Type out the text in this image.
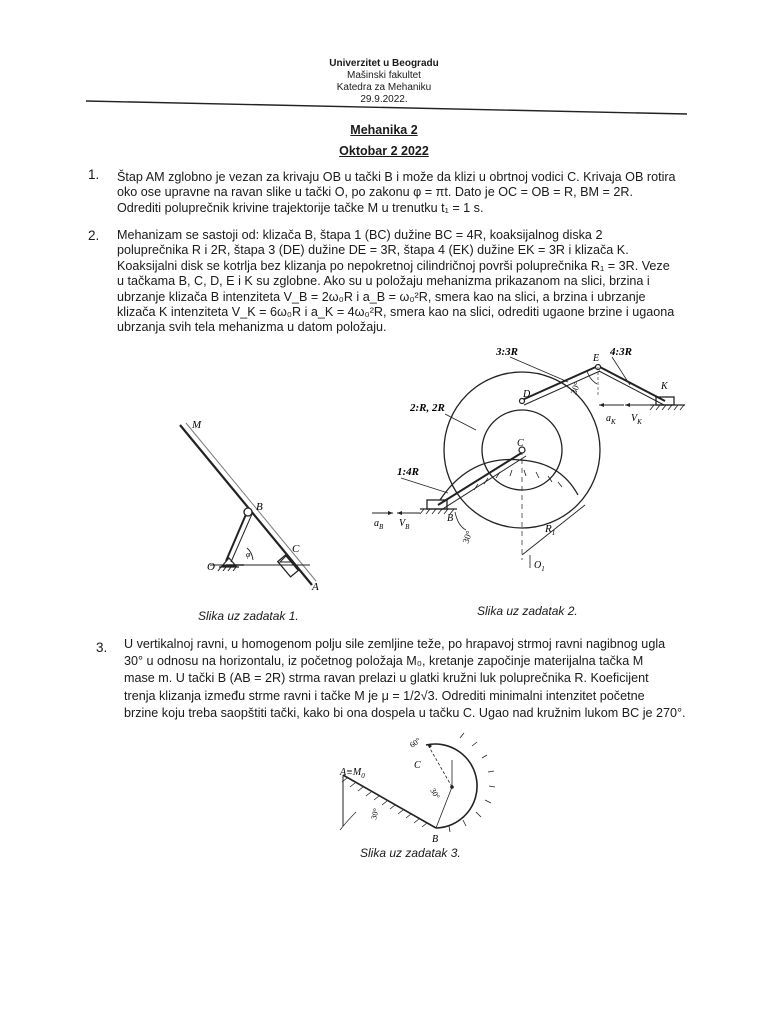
Univerzitet u Beogradu
Mašinski fakultet
Katedra za Mehaniku
29.9.2022.
Mehanika 2
Oktobar 2 2022
1. Štap AM zglobno je vezan za krivaju OB u tački B i može da klizi u obrtnoj vodici C. Krivaja OB rotira
oko ose upravne na ravan slike u tački O, po zakonu φ = πt. Dato je OC = OB = R, BM = 2R.
Odrediti poluprečnik krivine trajektorije tačke M u trenutku t₁ = 1 s.
2. Mehanizam se sastoji od: klizača B, štapa 1 (BC) dužine BC = 4R, koaksijalnog diska 2
poluprečnika R i 2R, štapa 3 (DE) dužine DE = 3R, štapa 4 (EK) dužine EK = 3R i klizača K.
Koaksijalni disk se kotrlja bez klizanja po nepokretnoj cilindričnoj površi poluprečnika R₁ = 3R. Veze
u tačkama B, C, D, E i K su zglobne. Ako su u položaju mehanizma prikazanom na slici, brzina i
ubrzanje klizača B intenziteta V_B = 2ω₀R i a_B = ω₀²R, smera kao na slici, a brzina i ubrzanje
klizača K intenziteta V_K = 6ω₀R i a_K = 4ω₀²R, smera kao na slici, odrediti ugaone brzine i ugaona
ubrzanja svih tela mehanizma u datom položaju.
3. U vertikalnoj ravni, u homogenom polju sile zemljine teže, po hrapavoj strmoj ravni nagibnog ugla
30° u odnosu na horizontalu, iz početnog položaja M₀, kretanje započinje materijalna tačka M
mase m. U tački B (AB = 2R) strma ravan prelazi u glatki kružni luk poluprečnika R. Koeficijent
trenja klizanja između strme ravni i tačke M je μ = 1/2√3. Odrediti minimalni intenzitet početne
brzine koju treba saopštiti tački, kako bi ona dospela u tačku C. Ugao nad kružnim lukom BC je 270°.
M
B
C
O
A
φ
Slika uz zadatak 1.
3:3R	4:3R
2:R, 2R
1:4R
E
D
C
K
B
$a_K$ $V_K$
$a_B$ $V_B$
30°
30°
$R_1$
$O_1$
Slika uz zadatak 2.
$A\equiv M_0$
C
B
60°
30°
30°
Slika uz zadatak 3.
